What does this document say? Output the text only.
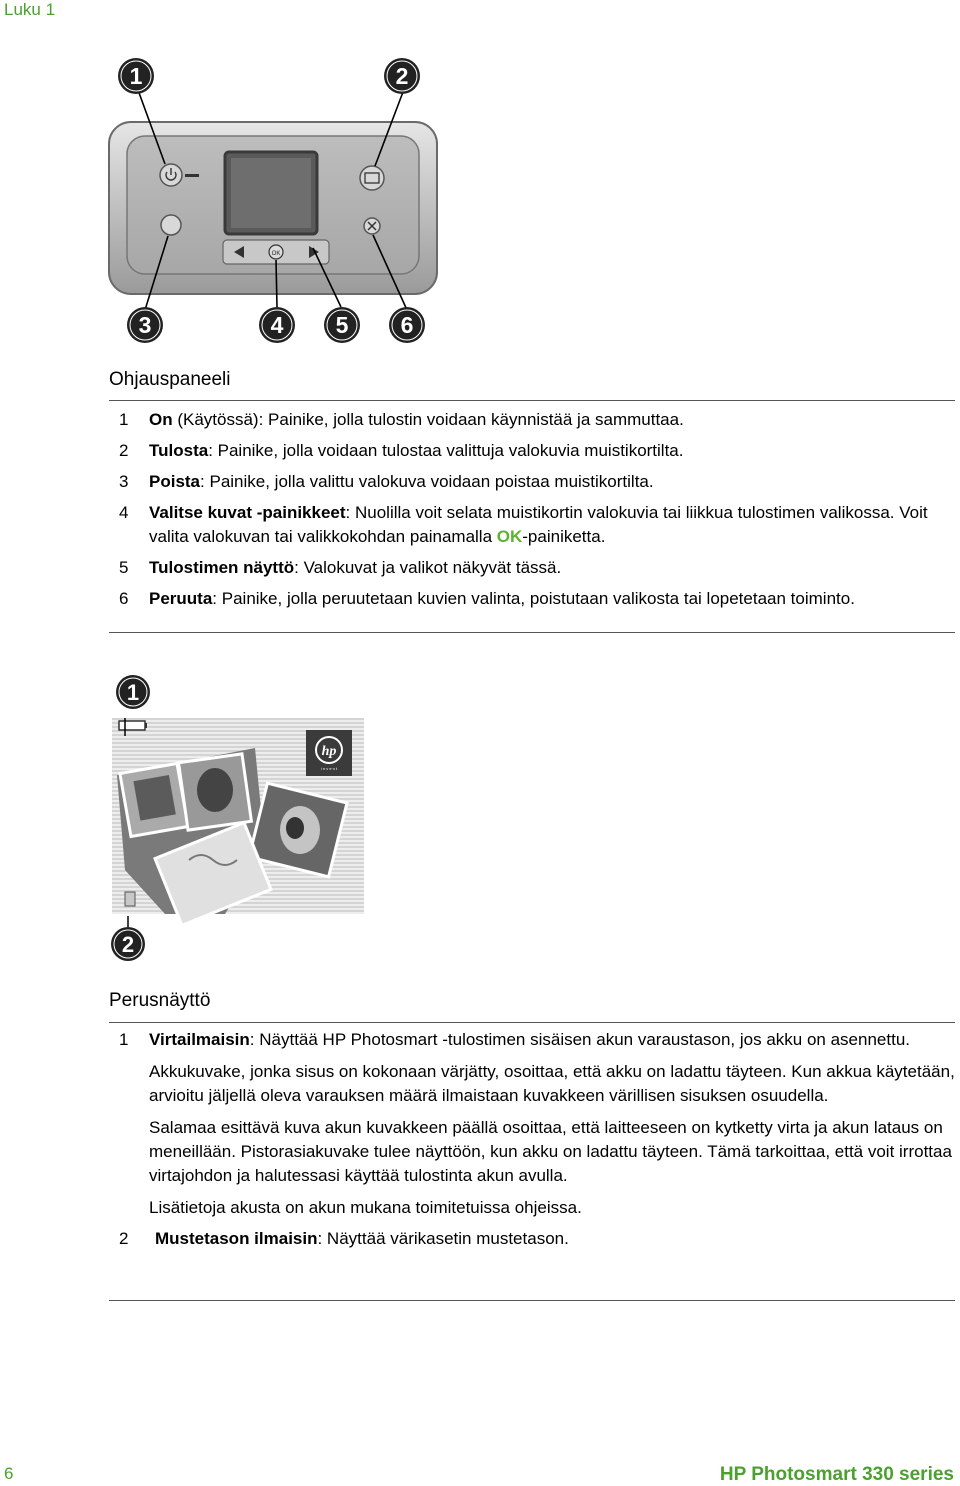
Luku 1
OK
1	2
3	4 5 6
Ohjauspaneeli
1	On (Käytössä): Painike, jolla tulostin voidaan käynnistää ja sammuttaa.
2	Tulosta: Painike, jolla voidaan tulostaa valittuja valokuvia muistikortilta.
3	Poista: Painike, jolla valittu valokuva voidaan poistaa muistikortilta.
4	Valitse kuvat -painikkeet: Nuolilla voit selata muistikortin valokuvia tai liikkua tulostimen valikossa. Voit valita valokuvan tai valikkokohdan painamalla OK-painiketta.
5	Tulostimen näyttö: Valokuvat ja valikot näkyvät tässä.
6	Peruuta: Painike, jolla peruutetaan kuvien valinta, poistutaan valikosta tai lopetetaan toiminto.
hp
i n v e n t
1
2
Perusnäyttö
1	Virtailmaisin: Näyttää HP Photosmart -tulostimen sisäisen akun varaustason, jos akku on asennettu.

Akkukuvake, jonka sisus on kokonaan värjätty, osoittaa, että akku on ladattu täyteen. Kun akkua käytetään, arvioitu jäljellä oleva varauksen määrä ilmaistaan kuvakkeen värillisen sisuksen osuudella.

Salamaa esittävä kuva akun kuvakkeen päällä osoittaa, että laitteeseen on kytketty virta ja akun lataus on meneillään. Pistorasiakuvake tulee näyttöön, kun akku on ladattu täyteen. Tämä tarkoittaa, että voit irrottaa virtajohdon ja halutessasi käyttää tulostinta akun avulla.

Lisätietoja akusta on akun mukana toimitetuissa ohjeissa.

2	Mustetason ilmaisin: Näyttää värikasetin mustetason.
6	HP Photosmart 330 series
